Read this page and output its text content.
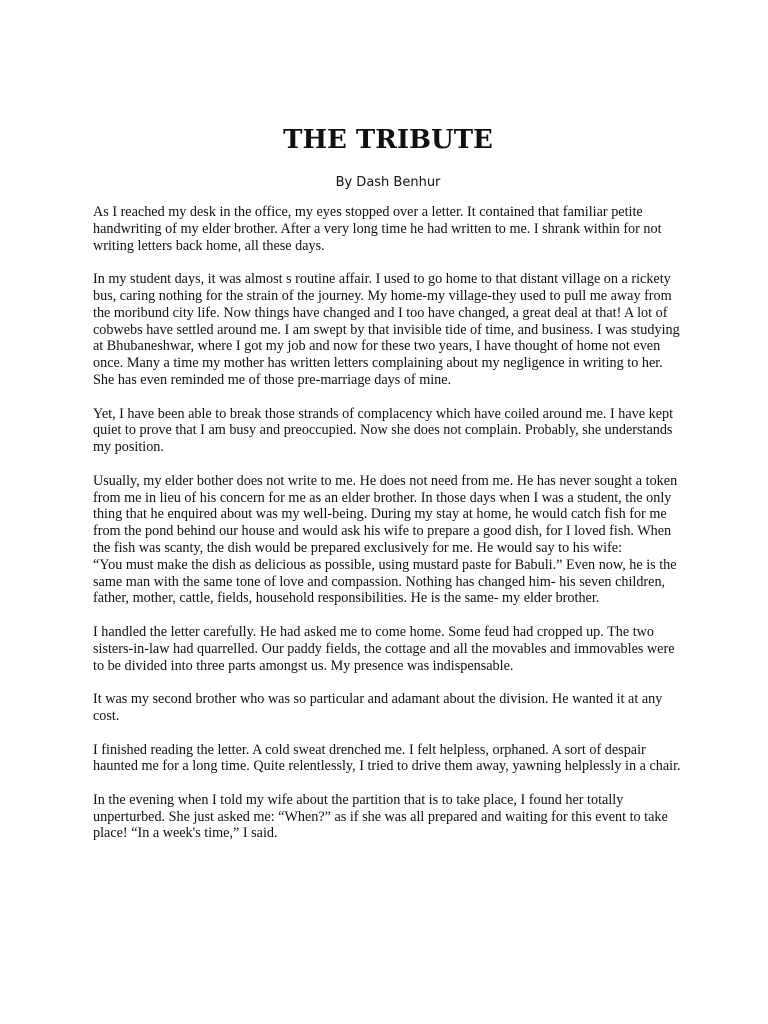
THE TRIBUTE
By Dash Benhur

As I reached my desk in the office, my eyes stopped over a letter. It contained that familiar petite handwriting of my elder brother. After a very long time he had written to me. I shrank within for not writing letters back home, all these days.

In my student days, it was almost s routine affair. I used to go home to that distant village on a rickety bus, caring nothing for the strain of the journey. My home-my village-they used to pull me away from the moribund city life. Now things have changed and I too have changed, a great deal at that! A lot of cobwebs have settled around me. I am swept by that invisible tide of time, and business. I was studying at Bhubaneshwar, where I got my job and now for these two years, I have thought of home not even once. Many a time my mother has written letters complaining about my negligence in writing to her. She has even reminded me of those pre-marriage days of mine.

Yet, I have been able to break those strands of complacency which have coiled around me. I have kept quiet to prove that I am busy and preoccupied. Now she does not complain. Probably, she understands my position.

Usually, my elder bother does not write to me. He does not need from me. He has never sought a token from me in lieu of his concern for me as an elder brother. In those days when I was a student, the only thing that he enquired about was my well-being. During my stay at home, he would catch fish for me from the pond behind our house and would ask his wife to prepare a good dish, for I loved fish. When the fish was scanty, the dish would be prepared exclusively for me. He would say to his wife:

“You must make the dish as delicious as possible, using mustard paste for Babuli.” Even now, he is the same man with the same tone of love and compassion. Nothing has changed him- his seven children, father, mother, cattle, fields, household responsibilities. He is the same- my elder brother.

I handled the letter carefully. He had asked me to come home. Some feud had cropped up. The two sisters-in-law had quarrelled. Our paddy fields, the cottage and all the movables and immovables were to be divided into three parts amongst us. My presence was indispensable.

It was my second brother who was so particular and adamant about the division. He wanted it at any cost.

I finished reading the letter. A cold sweat drenched me. I felt helpless, orphaned. A sort of despair haunted me for a long time. Quite relentlessly, I tried to drive them away, yawning helplessly in a chair.

In the evening when I told my wife about the partition that is to take place, I found her totally unperturbed. She just asked me: “When?” as if she was all prepared and waiting for this event to take place! “In a week's time,” I said.
